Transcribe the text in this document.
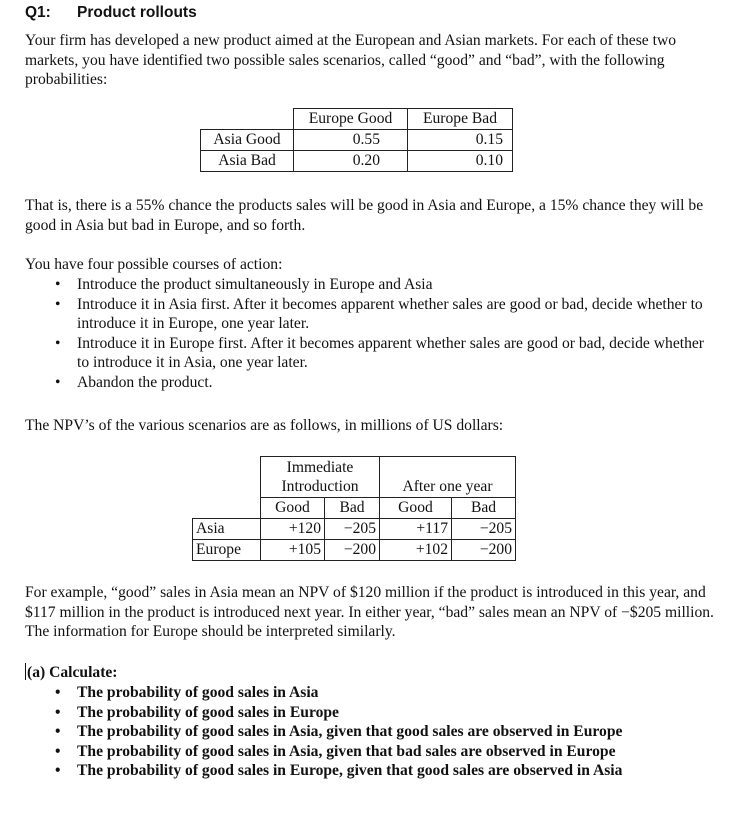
Q1: Product rollouts

Your firm has developed a new product aimed at the European and Asian markets. For each of these two markets, you have identified two possible sales scenarios, called “good” and “bad”, with the following probabilities:

	Europe Good	Europe Bad
Asia Good	0.55	0.15
Asia Bad	0.20	0.10

That is, there is a 55% chance the products sales will be good in Asia and Europe, a 15% chance they will be good in Asia but bad in Europe, and so forth.

You have four possible courses of action:

• Introduce the product simultaneously in Europe and Asia
• Introduce it in Asia first. After it becomes apparent whether sales are good or bad, decide whether to introduce it in Europe, one year later.
• Introduce it in Europe first. After it becomes apparent whether sales are good or bad, decide whether to introduce it in Asia, one year later.
• Abandon the product.

The NPV’s of the various scenarios are as follows, in millions of US dollars:

	Immediate
Introduction		After one year	
	Good	Bad	Good	Bad
Asia	+120	−205	+117	−205
Europe	+105	−200	+102	−200

For example, “good” sales in Asia mean an NPV of $120 million if the product is introduced in this year, and $117 million in the product is introduced next year. In either year, “bad” sales mean an NPV of −$205 million. The information for Europe should be interpreted similarly.

(a) Calculate:

• The probability of good sales in Asia
• The probability of good sales in Europe
• The probability of good sales in Asia, given that good sales are observed in Europe
• The probability of good sales in Asia, given that bad sales are observed in Europe
• The probability of good sales in Europe, given that good sales are observed in Asia
